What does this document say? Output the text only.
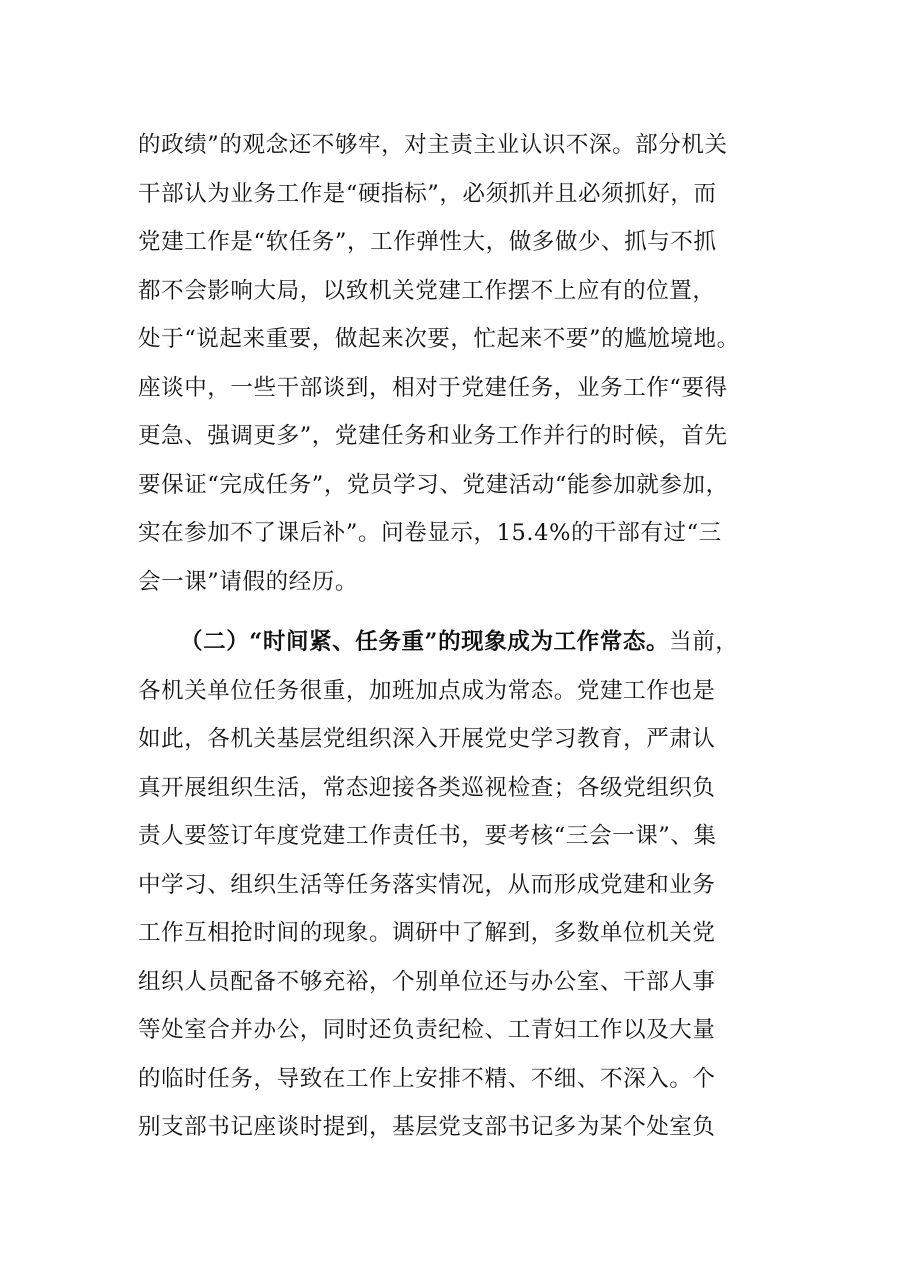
的政绩”的观念还不够牢，对主责主业认识不深。部分机关
干部认为业务工作是“硬指标”，必须抓并且必须抓好，而
党建工作是“软任务”，工作弹性大，做多做少、抓与不抓
都不会影响大局，以致机关党建工作摆不上应有的位置，
处于“说起来重要，做起来次要，忙起来不要”的尴尬境地。
座谈中，一些干部谈到，相对于党建任务，业务工作“要得
更急、强调更多”，党建任务和业务工作并行的时候，首先
要保证“完成任务”，党员学习、党建活动“能参加就参加，
实在参加不了课后补”。问卷显示，15.4%的干部有过“三
会一课”请假的经历。
（二）“时间紧、任务重”的现象成为工作常态。当前，
各机关单位任务很重，加班加点成为常态。党建工作也是
如此，各机关基层党组织深入开展党史学习教育，严肃认
真开展组织生活，常态迎接各类巡视检查；各级党组织负
责人要签订年度党建工作责任书，要考核“三会一课”、集
中学习、组织生活等任务落实情况，从而形成党建和业务
工作互相抢时间的现象。调研中了解到，多数单位机关党
组织人员配备不够充裕，个别单位还与办公室、干部人事
等处室合并办公，同时还负责纪检、工青妇工作以及大量
的临时任务，导致在工作上安排不精、不细、不深入。个
别支部书记座谈时提到，基层党支部书记多为某个处室负
